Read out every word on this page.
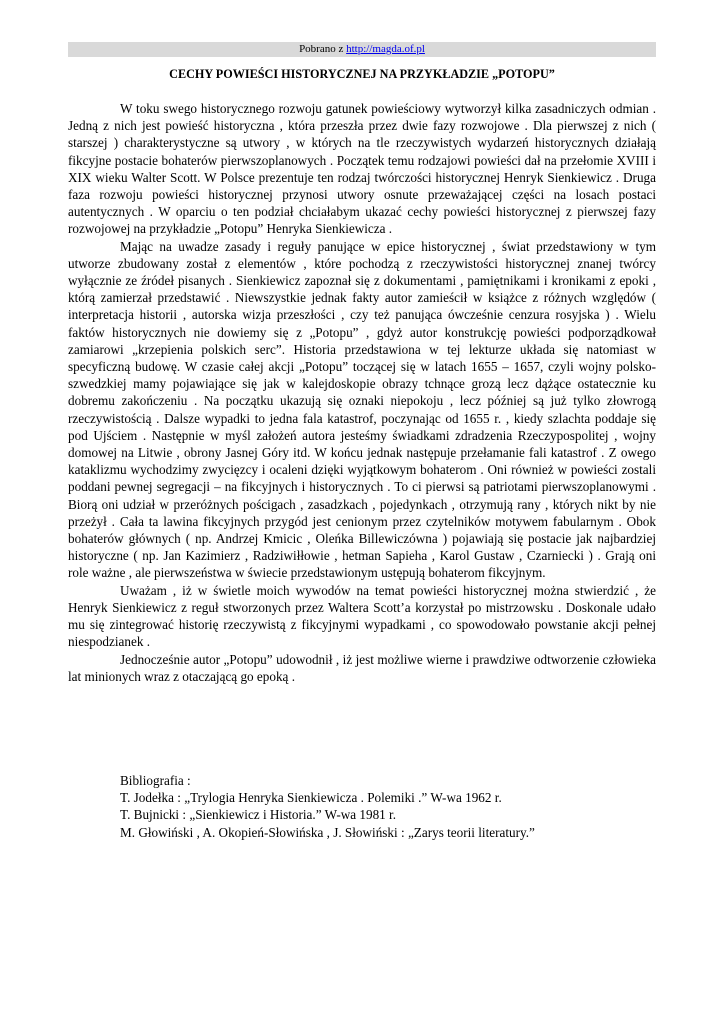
Pobrano z http://magda.of.pl
CECHY POWIEŚCI HISTORYCZNEJ NA PRZYKŁADZIE „POTOPU”

W toku swego historycznego rozwoju gatunek powieściowy wytworzył kilka zasadniczych odmian . Jedną z nich jest powieść historyczna , która przeszła przez dwie fazy rozwojowe . Dla pierwszej z nich ( starszej ) charakterystyczne są utwory , w których na tle rzeczywistych wydarzeń historycznych działają fikcyjne postacie bohaterów pierwszoplanowych . Początek temu rodzajowi powieści dał na przełomie XVIII i XIX wieku Walter Scott. W Polsce prezentuje ten rodzaj twórczości historycznej Henryk Sienkiewicz . Druga faza rozwoju powieści historycznej przynosi utwory osnute przeważającej części na losach postaci autentycznych . W oparciu o ten podział chciałabym ukazać cechy powieści historycznej z pierwszej fazy rozwojowej na przykładzie „Potopu” Henryka Sienkiewicza .

Mając na uwadze zasady i reguły panujące w epice historycznej , świat przedstawiony w tym utworze zbudowany został z elementów , które pochodzą z rzeczywistości historycznej znanej twórcy wyłącznie ze źródeł pisanych . Sienkiewicz zapoznał się z dokumentami , pamiętnikami i kronikami z epoki , którą zamierzał przedstawić . Niewszystkie jednak fakty autor zamieścił w książce z różnych względów ( interpretacja historii , autorska wizja przeszłości , czy też panująca ówcześnie cenzura rosyjska ) . Wielu faktów historycznych nie dowiemy się z „Potopu” , gdyż autor konstrukcję powieści podporządkował zamiarowi „krzepienia polskich serc”. Historia przedstawiona w tej lekturze układa się natomiast w specyficzną budowę. W czasie całej akcji „Potopu” toczącej się w latach 1655 – 1657, czyli wojny polsko-szwedzkiej mamy pojawiające się jak w kalejdoskopie obrazy tchnące grozą lecz dążące ostatecznie ku dobremu zakończeniu . Na początku ukazują się oznaki niepokoju , lecz później są już tylko złowrogą rzeczywistością . Dalsze wypadki to jedna fala katastrof, poczynając od 1655 r. , kiedy szlachta poddaje się pod Ujściem . Następnie w myśl założeń autora jesteśmy świadkami zdradzenia Rzeczypospolitej , wojny domowej na Litwie , obrony Jasnej Góry itd. W końcu jednak następuje przełamanie fali katastrof . Z owego kataklizmu wychodzimy zwycięzcy i ocaleni dzięki wyjątkowym bohaterom . Oni również w powieści zostali poddani pewnej segregacji – na fikcyjnych i historycznych . To ci pierwsi są patriotami pierwszoplanowymi . Biorą oni udział w przeróżnych pościgach , zasadzkach , pojedynkach , otrzymują rany , których nikt by nie przeżył . Cała ta lawina fikcyjnych przygód jest cenionym przez czytelników motywem fabularnym . Obok bohaterów głównych ( np. Andrzej Kmicic , Oleńka Billewiczówna ) pojawiają się postacie jak najbardziej historyczne ( np. Jan Kazimierz , Radziwiłłowie , hetman Sapieha , Karol Gustaw , Czarniecki ) . Grają oni role ważne , ale pierwszeństwa w świecie przedstawionym ustępują bohaterom fikcyjnym.

Uważam , iż w świetle moich wywodów na temat powieści historycznej można stwierdzić , że Henryk Sienkiewicz z reguł stworzonych przez Waltera Scott’a korzystał po mistrzowsku . Doskonale udało mu się zintegrować historię rzeczywistą z fikcyjnymi wypadkami , co spowodowało powstanie akcji pełnej niespodzianek .

Jednocześnie autor „Potopu” udowodnił , iż jest możliwe wierne i prawdziwe odtworzenie człowieka lat minionych wraz z otaczającą go epoką .

Bibliografia :
T. Jodełka : „Trylogia Henryka Sienkiewicza . Polemiki .” W-wa 1962 r.
T. Bujnicki : „Sienkiewicz i Historia.” W-wa 1981 r.
M. Głowiński , A. Okopień-Słowińska , J. Słowiński : „Zarys teorii literatury.”
